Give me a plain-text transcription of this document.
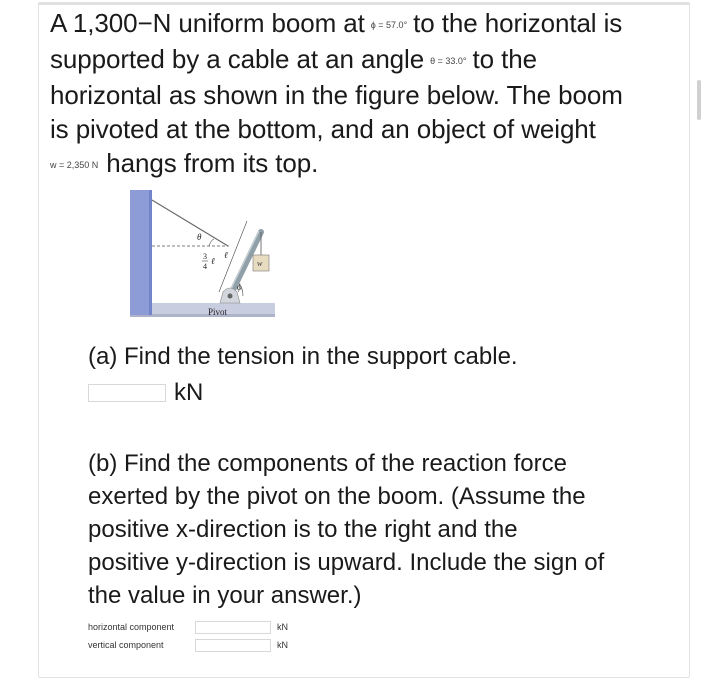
A 1,300−N uniform boom at ϕ = 57.0° to the horizontal is
supported by a cable at an angle θ = 33.0° to the
horizontal as shown in the figure below. The boom
is pivoted at the bottom, and an object of weight
w = 2,350 N hangs from its top.
θ
3
4
ℓ
ℓ
w
ϕ
Pivot
(a) Find the tension in the support cable.
kN
(b) Find the components of the reaction force
exerted by the pivot on the boom. (Assume the
positive x-direction is to the right and the
positive y-direction is upward. Include the sign of
the value in your answer.)
horizontal component	kN
vertical component	kN
